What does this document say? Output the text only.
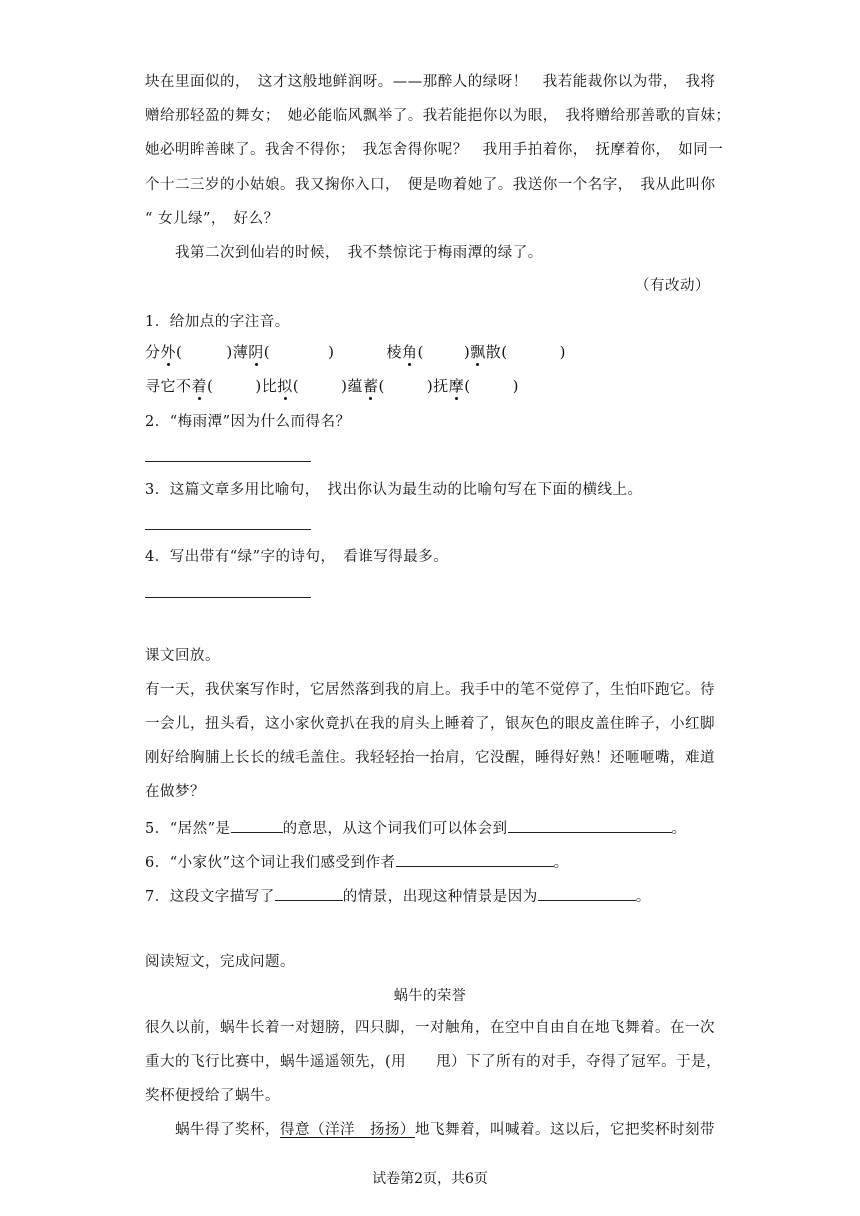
块在里面似的，　这才这般地鲜润呀。——那醉人的绿呀！　我若能裁你以为带，　我将
赠给那轻盈的舞女；　她必能临风飘举了。我若能挹你以为眼，　我将赠给那善歌的盲妹；
她必明眸善睐了。我舍不得你；　我怎舍得你呢？　我用手拍着你，　抚摩着你，　如同一
个十二三岁的小姑娘。我又掬你入口，　便是吻着她了。我送你一个名字，　我从此叫你
“ 女儿绿”，　好么？
我第二次到仙岩的时候，　我不禁惊诧于梅雨潭的绿了。
（有改动）
1．给加点的字注音。
分外(	)薄阴(	)	棱角(	)飘散(	)
寻它不着(	)比拟(	)蕴蓄(	)抚摩(	)
2．“梅雨潭”因为什么而得名？
3．这篇文章多用比喻句，　找出你认为最生动的比喻句写在下面的横线上。
4．写出带有“绿”字的诗句，　看谁写得最多。
课文回放。
有一天，我伏案写作时，它居然落到我的肩上。我手中的笔不觉停了，生怕吓跑它。待
一会儿，扭头看，这小家伙竟扒在我的肩头上睡着了，银灰色的眼皮盖住眸子，小红脚
刚好给胸脯上长长的绒毛盖住。我轻轻抬一抬肩，它没醒，睡得好熟！还咂咂嘴，难道
在做梦？
5．“居然”是	的意思，从这个词我们可以体会到	。
6．“小家伙”这个词让我们感受到作者	。
7．这段文字描写了	的情景，出现这种情景是因为	。
阅读短文，完成问题。
蜗牛的荣誉
很久以前，蜗牛长着一对翅膀，四只脚，一对触角，在空中自由自在地飞舞着。在一次
重大的飞行比赛中，蜗牛遥遥领先，(用　　甩）下了所有的对手，夺得了冠军。于是，
奖杯便授给了蜗牛。
蜗牛得了奖杯，得意（洋洋　扬扬）地飞舞着，叫喊着。这以后，它把奖杯时刻带
试卷第2页，共6页
